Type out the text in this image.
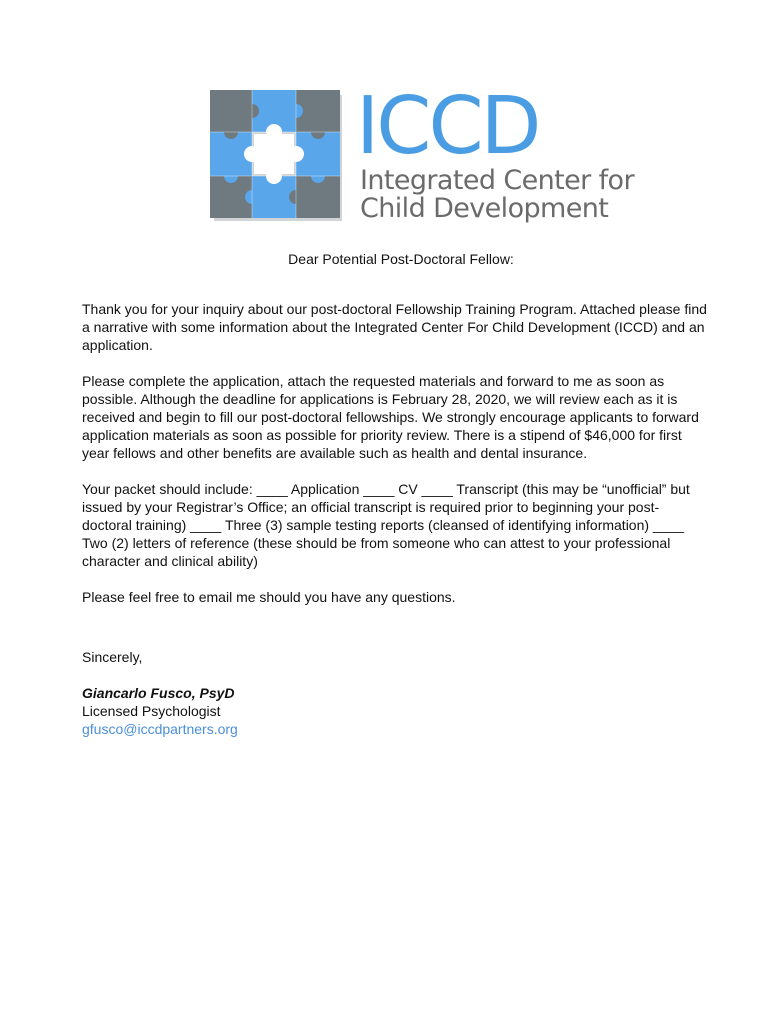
ICCD
Integrated Center for
Child Development

Dear Potential Post-Doctoral Fellow:

Thank you for your inquiry about our post-doctoral Fellowship Training Program. Attached please find a narrative with some information about the Integrated Center For Child Development (ICCD) and an application.

Please complete the application, attach the requested materials and forward to me as soon as possible. Although the deadline for applications is February 28, 2020, we will review each as it is received and begin to fill our post-doctoral fellowships. We strongly encourage applicants to forward application materials as soon as possible for priority review. There is a stipend of $46,000 for first year fellows and other benefits are available such as health and dental insurance.

Your packet should include: ____ Application ____ CV ____ Transcript (this may be “unofficial” but issued by your Registrar’s Office; an official transcript is required prior to beginning your post-doctoral training) ____ Three (3) sample testing reports (cleansed of identifying information) ____ Two (2) letters of reference (these should be from someone who can attest to your professional character and clinical ability)

Please feel free to email me should you have any questions.

Sincerely,

Giancarlo Fusco, PsyD

Licensed Psychologist

gfusco@iccdpartners.org
